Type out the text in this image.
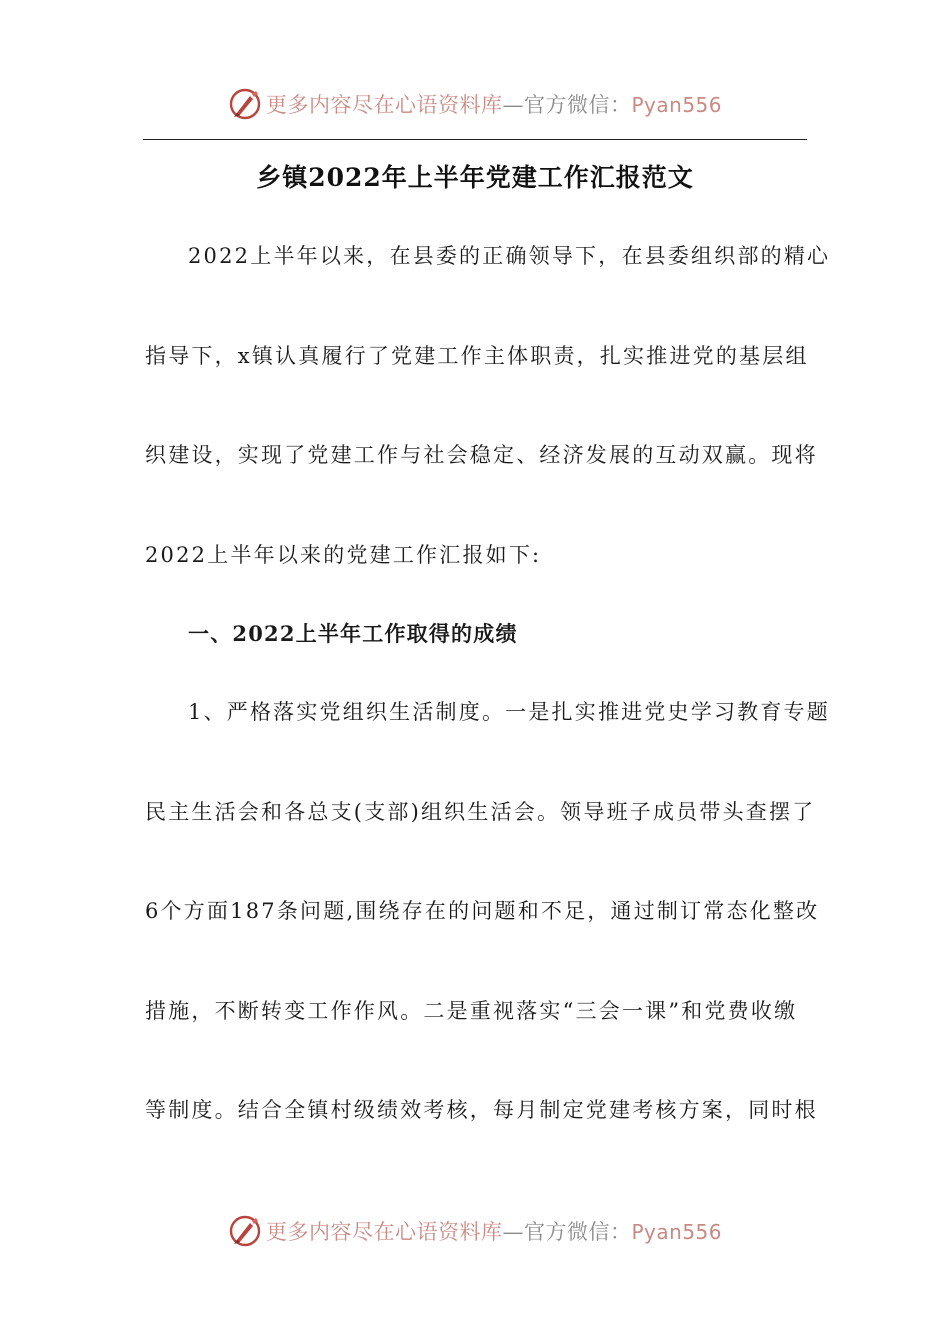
更多内容尽在心语资料库—官方微信：Pyan556
乡镇2022年上半年党建工作汇报范文
2022上半年以来，在县委的正确领导下，在县委组织部的精心
指导下，x镇认真履行了党建工作主体职责，扎实推进党的基层组
织建设，实现了党建工作与社会稳定、经济发展的互动双赢。现将
2022上半年以来的党建工作汇报如下:
一、2022上半年工作取得的成绩
1、严格落实党组织生活制度。一是扎实推进党史学习教育专题
民主生活会和各总支(支部)组织生活会。领导班子成员带头查摆了
6个方面187条问题,围绕存在的问题和不足，通过制订常态化整改
措施，不断转变工作作风。二是重视落实“三会一课”和党费收缴
等制度。结合全镇村级绩效考核，每月制定党建考核方案，同时根
更多内容尽在心语资料库—官方微信：Pyan556
